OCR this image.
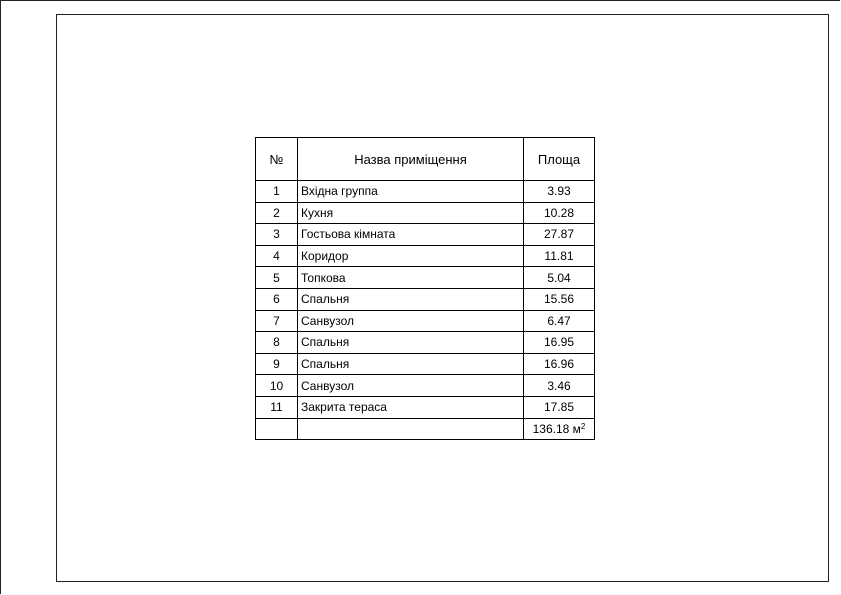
№	Назва приміщення	Площа
1	Вхідна группа	3.93
2	Кухня	10.28
3	Гостьова кімната	27.87
4	Коридор	11.81
5	Топкова	5.04
6	Спальня	15.56
7	Санвузол	6.47
8	Спальня	16.95
9	Спальня	16.96
10	Санвузол	3.46
11	Закрита тераса	17.85
		136.18 $м^2$
